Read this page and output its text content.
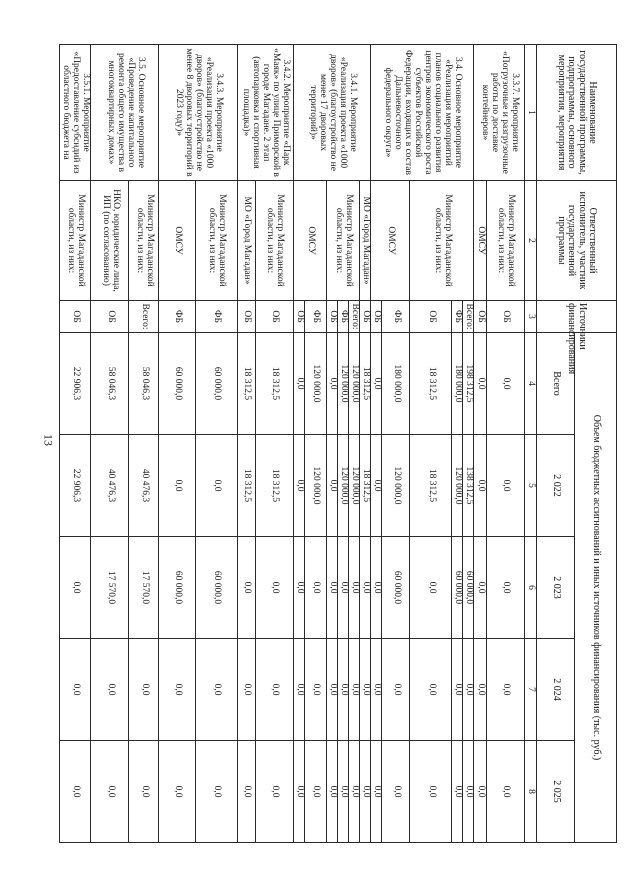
13
Наименование государственной программы, подпрограммы, основного мероприятия, мероприятия	Ответственный исполнитель, участник государственной программы	Источники финансирования	Объем бюджетных ассигнований и иных источников финансирования (тыс. руб.)				
			Всего	2 022	2 023	2 024	2 025
1	2	3	4	5	6	7	8
3.3.7. Мероприятие «Погрузочные и разгрузочные работы по доставке контейнеров»	Министр Магаданской области, из них:	ОБ	0,0	0,0	0,0	0,0	0,0
	ОМСУ	ОБ	0,0	0,0	0,0	0,0	0,0
3.4. Основное мероприятие «Реализация мероприятий планов социального развития центров экономического роста субъектов Российской Федерации, входящих в состав Дальневосточного федерального округа»	Министр Магаданской области, из них:	Всего:	198 312,5	138 312,5	60 000,0	0,0	0,0
		ФБ	180 000,0	120 000,0	60 000,0	0,0	0,0
		ОБ	18 312,5	18 312,5	0,0	0,0	0,0
	ОМСУ	ФБ	180 000,0	120 000,0	60 000,0	0,0	0,0
		ОБ	0,0	0,0	0,0	0,0	0,0
3.4.1. Мероприятие «Реализация проекта «1000 дворов» (благоустройство не менее 17 дворовых территорий)»	МО «Город Магадан»	ОБ	18 312,5	18 312,5	0,0	0,0	0,0
	Министр Магаданской области, из них:	Всего:	120 000,0	120 000,0	0,0	0,0	0,0
		ФБ	120 000,0	120 000,0	0,0	0,0	0,0
		ОБ	0,0	0,0	0,0	0,0	0,0
	ОМСУ	ФБ	120 000,0	120 000,0	0,0	0,0	0,0
		ОБ	0,0	0,0	0,0	0,0	0,0
3.4.2. Мероприятие «Парк «Маяк» по улице Приморской в городе Магадане. 2 этап (автопарковка и спортивная площадка)»	Министр Магаданской области, из них:	ОБ	18 312,5	18 312,5	0,0	0,0	0,0
	МО «Город Магадан»	ОБ	18 312,5	18 312,5	0,0	0,0	0,0
3.4.3. Мероприятие «Реализация проекта «1000 дворов» (благоустройство не менее 8 дворовых территорий в 2023 году)»	Министр Магаданской области, из них:	ФБ	60 000,0	0,0	60 000,0	0,0	0,0
	ОМСУ	ФБ	60 000,0	0,0	60 000,0	0,0	0,0
3.5. Основное мероприятие «Проведение капитального ремонта общего имущества в многоквартирных домах»	Министр Магаданской области, из них:	Всего:	58 046,3	40 476,3	17 570,0	0,0	0,0
	НКО, юридические лица, ИП (по согласованию)	ОБ	58 046,3	40 476,3	17 570,0	0,0	0,0
3.5.1. Мероприятие «Предоставление субсидий из областного бюджета на	Министр Магаданской области, из них:	ОБ	22 906,3	22 906,3	0,0	0,0	0,0
